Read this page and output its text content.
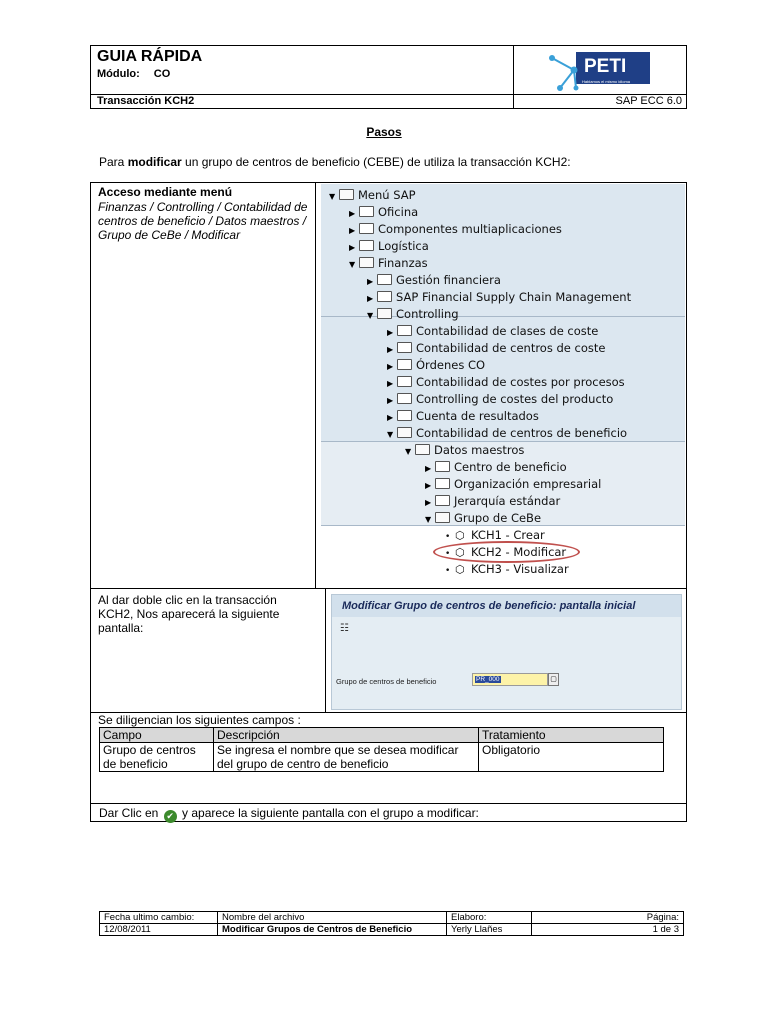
GUIA RÁPIDA
Módulo: CO
Transacción KCH2	SAP ECC 6.0
PETI
Hablamos el mismo idioma
Pasos
Para modificar un grupo de centros de beneficio (CEBE) de utiliza la transacción KCH2:
Acceso mediante menú
Finanzas / Controlling / Contabilidad de centros de beneficio / Datos maestros / Grupo de CeBe / Modificar
▼ Menú SAP
▶ Oficina
▶ Componentes multiaplicaciones
▶ Logística
▼ Finanzas
▶ Gestión financiera
▶ SAP Financial Supply Chain Management
▼ Controlling
▶ Contabilidad de clases de coste
▶ Contabilidad de centros de coste
▶ Órdenes CO
▶ Contabilidad de costes por procesos
▶ Controlling de costes del producto
▶ Cuenta de resultados
▼ Contabilidad de centros de beneficio
▼ Datos maestros
▶ Centro de beneficio
▶ Organización empresarial
▶ Jerarquía estándar
▼ Grupo de CeBe
• ⬡ KCH1 - Crear
• ⬡ KCH2 - Modificar
• ⬡ KCH3 - Visualizar
Al dar doble clic en la transacción KCH2, Nos aparecerá la siguiente pantalla:
Modificar Grupo de centros de beneficio: pantalla inicial
☷
Grupo de centros de beneficio	PR_000	▢
Se diligencian los siguientes campos :
Campo	Descripción	Tratamiento
Grupo de centros de beneficio	Se ingresa el nombre que se desea modificar del grupo de centro de beneficio	Obligatorio
Dar Clic en ✔ y aparece la siguiente pantalla con el grupo a modificar:
Fecha ultimo cambio:	Nombre del archivo	Elaboro:	Página:
12/08/2011	Modificar Grupos de Centros de Beneficio	Yerly Llañes	1 de 3
